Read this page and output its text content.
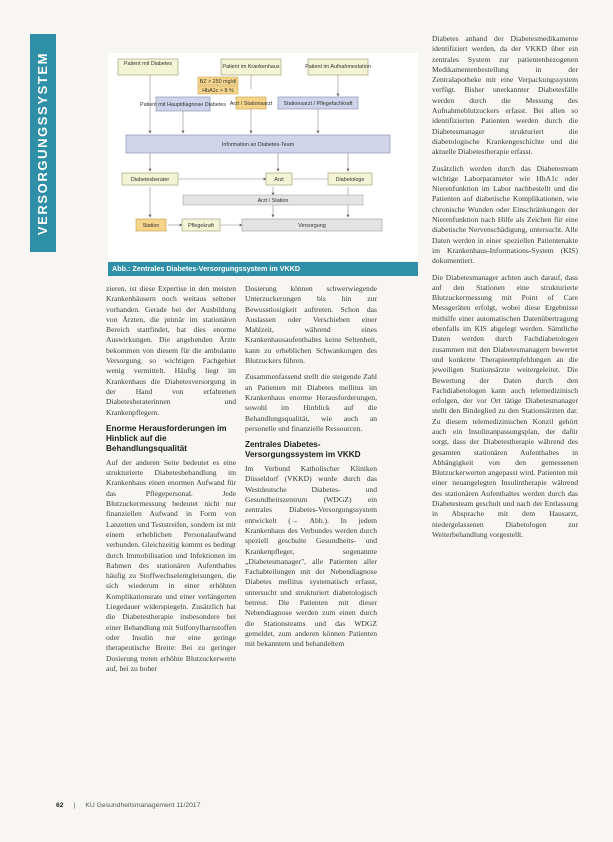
VERSORGUNGSSYSTEM	Patient mit Diabetes	Patient im Krankenhaus	Patient im Aufnahmestation
BZ > 250 mg/dl
HbA1c > 8 %
Patient mit Hauptdiagnose Diabetes Arzt / Stationsarzt Stationsarzt / Pflegefachkraft
Information an Diabetes-Team
Diabetesberater	Arzt	Diabetologe
Arzt / Station
Station	Pflegekraft	Versorgung
Abb.: Zentrales Diabetes-Versorgungssystem im VKKD

zieren, ist diese Expertise in den meisten Krankenhäusern noch weitaus seltener vorhanden. Gerade bei der Ausbildung von Ärzten, die primär im stationären Bereich stattfindet, hat dies enorme Auswirkungen. Die angehenden Ärzte bekommen von diesem für die ambulante Versorgung so wichtigen Fachgebiet wenig vermittelt. Häufig liegt im Krankenhaus die Diabetesversorgung in der Hand von erfahrenen Diabetesberaterinnen und Krankenpflegern.

Enorme Herausforderungen im Hinblick auf die Behandlungsqualität

Auf der anderen Seite bedeutet es eine strukturierte Diabetesbehandlung im Krankenhaus einen enormen Aufwand für das Pflegepersonal. Jede Blutzuckermessung bedeutet nicht nur finanziellen Aufwand in Form von Lanzetten und Teststreifen, sondern ist mit einem erheblichen Personalaufwand verbunden. Gleichzeitig kommt es bedingt durch Immobilisation und Infektionen im Rahmen des stationären Aufenthaltes häufig zu Stoffwechselentgleisungen, die sich wiederum in einer erhöhten Komplikationsrate und einer verlängerten Liegedauer widerspiegeln. Zusätzlich hat die Diabetestherapie insbesondere bei einer Behandlung mit Sulfonylharnstoffen oder Insulin nur eine geringe therapeutische Breite: Bei zu geringer Dosierung treten erhöhte Blutzuckerwerte auf, bei zu hoher

Dosierung können schwerwiegende Unterzuckerungen bis hin zur Bewusstlosigkeit auftreten. Schon das Auslassen oder Verschieben einer Mahlzeit, während eines Krankenhausaufenthaltes keine Seltenheit, kann zu erheblichen Schwankungen des Blutzuckers führen.

Zusammenfassend stellt die steigende Zahl an Patienten mit Diabetes mellitus im Krankenhaus enorme Herausforderungen, sowohl im Hinblick auf die Behandlungsqualität, wie auch an personelle und finanzielle Ressourcen.

Zentrales Diabetes-Versorgungssystem im VKKD

Im Verbund Katholischer Kliniken Düsseldorf (VKKD) wurde durch das Westdeutsche Diabetes- und Gesundheitszentrum (WDGZ) ein zentrales Diabetes-Versorgungssystem entwickelt (→ Abb.). In jedem Krankenhaus des Verbundes werden durch speziell geschulte Gesundheits- und Krankenpfleger, sogenannte „Diabetesmanager", alle Patienten aller Fachabteilungen mit der Nebendiagnose Diabetes mellitus systematisch erfasst, untersucht und strukturiert diabetologisch betreut. Die Patienten mit dieser Nebendiagnose werden zum einen durch die Stationsteams und das WDGZ gemeldet, zum anderen können Patienten mit bekanntem und behandeltem

Diabetes anhand der Diabetesmedikamente identifiziert werden, da der VKKD über ein zentrales System zur patientenbezogenen Medikamentenbestellung in der Zentralapotheke mit eine Verpackungssystem verfügt. Bisher unerkannter Diabetesfälle werden durch die Messung des Aufnahmeblutzuckers erfasst. Bei allen so identifizierten Patienten werden durch die Diabetesmanager strukturiert die diabetologische Krankengeschichte und die aktuelle Diabetestherapie erfasst.

Zusätzlich werden durch das Diabetesteam wichtige Laborparameter wie HbA1c oder Nierenfunktion im Labor nachbestellt und die Patienten auf diabetische Komplikationen, wie chronische Wunden oder Einschränkungen der Nierenfunktion nach Hilfe als Zeichen für eine diabetische Nervenschädigung, untersucht. Alle Daten werden in einer speziellen Patientenakte im Krankenhaus-Informations-System (KIS) dokumentiert.

Die Diabetesmanager achten auch darauf, dass auf den Stationen eine strukturierte Blutzuckermessung mit Point of Care Messgeräten erfolgt, wobei diese Ergebnisse mithilfe einer automatischen Datenübertragung ebenfalls im KIS abgelegt werden. Sämtliche Daten werden durch Fachdiabetologen zusammen mit den Diabetesmanagern bewertet und konkrete Therapieempfehlungen an die jeweiligen Stationsärzte weitergeleitet. Die Bewertung der Daten durch den Fachdiabetologen kann auch telemedizinisch erfolgen, der vor Ort tätige Diabetesmanager stellt den Bindeglied zu den Stationsärzten dar. Zu diesem telemedizinischen Konzil gehört auch ein Insulinanpassungsplan, der dafür sorgt, dass der Diabetestherapie während des gesamten stationären Aufenthaltes in Abhängigkeit von den gemessenen Blutzuckerwerten angepasst wird. Patienten mit einer neuangelegten Insulintherapie während des stationären Aufenthaltes werden durch das Diabetesteam geschult und nach der Entlassung in Absprache mit dem Hausarzt, niedergelassenen Diabetologen zur Weiterbehandlung vorgestellt.

62 | KU Gesundheitsmanagement 11/2017
